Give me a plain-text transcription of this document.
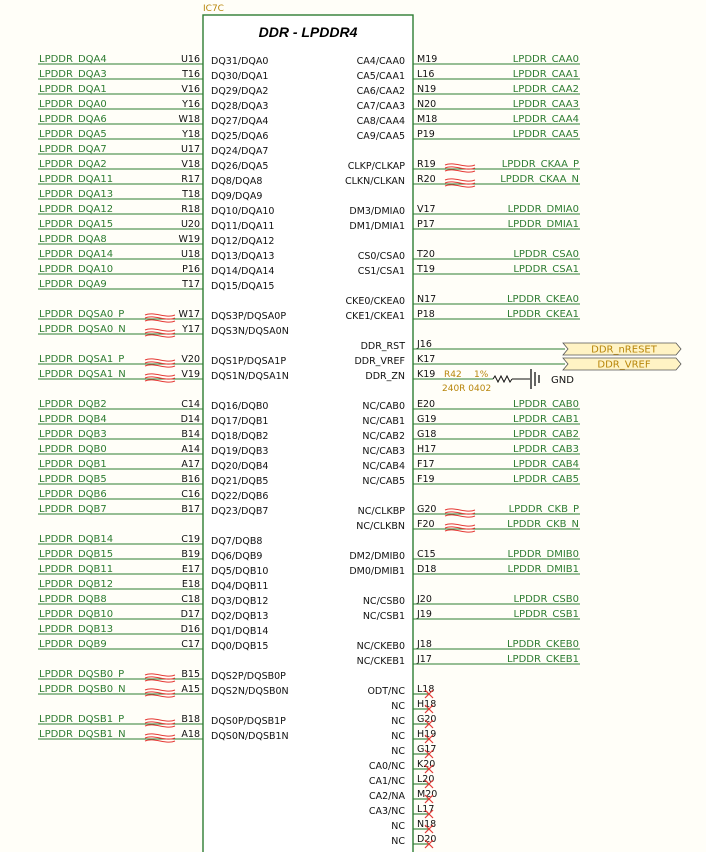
IC7C
DDR - LPDDR4
LPDDR_DQA4	U16 DQ31/DQA0
LPDDR_DQA3	T16 DQ30/DQA1
LPDDR_DQA1	V16 DQ29/DQA2
LPDDR_DQA0	Y16 DQ28/DQA3
LPDDR_DQA6	W18 DQ27/DQA4
LPDDR_DQA5	Y18 DQ25/DQA6
LPDDR_DQA7	U17 DQ24/DQA7
LPDDR_DQA2	V18 DQ26/DQA5
LPDDR_DQA11	R17 DQ8/DQA8
LPDDR_DQA13	T18 DQ9/DQA9
LPDDR_DQA12	R18 DQ10/DQA10
LPDDR_DQA15	U20 DQ11/DQA11
LPDDR_DQA8	W19 DQ12/DQA12
LPDDR_DQA14	U18 DQ13/DQA13
LPDDR_DQA10	P16 DQ14/DQA14
LPDDR_DQA9	T17 DQ15/DQA15
LPDDR_DQSA0_P	W17 DQS3P/DQSA0P
LPDDR_DQSA0_N	Y17 DQS3N/DQSA0N
LPDDR_DQSA1_P	V20 DQS1P/DQSA1P
LPDDR_DQSA1_N	V19 DQS1N/DQSA1N
LPDDR_DQB2	C14 DQ16/DQB0
LPDDR_DQB4	D14 DQ17/DQB1
LPDDR_DQB3	B14 DQ18/DQB2
LPDDR_DQB0	A14 DQ19/DQB3
LPDDR_DQB1	A17 DQ20/DQB4
LPDDR_DQB5	B16 DQ21/DQB5
LPDDR_DQB6	C16 DQ22/DQB6
LPDDR_DQB7	B17 DQ23/DQB7
LPDDR_DQB14	C19 DQ7/DQB8
LPDDR_DQB15	B19 DQ6/DQB9
LPDDR_DQB11	E17 DQ5/DQB10
LPDDR_DQB12	E18 DQ4/DQB11
LPDDR_DQB8	C18 DQ3/DQB12
LPDDR_DQB10	D17 DQ2/DQB13
LPDDR_DQB13	D16 DQ1/DQB14
LPDDR_DQB9	C17 DQ0/DQB15
LPDDR_DQSB0_P	B15 DQS2P/DQSB0P
LPDDR_DQSB0_N	A15 DQS2N/DQSB0N
LPDDR_DQSB1_P	B18 DQS0P/DQSB1P
LPDDR_DQSB1_N	A18 DQS0N/DQSB1N
CA4/CAA0 M19	LPDDR_CAA0
CA5/CAA1 L16	LPDDR_CAA1
CA6/CAA2 N19	LPDDR_CAA2
CA7/CAA3 N20	LPDDR_CAA3
CA8/CAA4 M18	LPDDR_CAA4
CA9/CAA5 P19	LPDDR_CAA5
CLKP/CLKAP R19	LPDDR_CKAA_P
CLKN/CLKAN R20	LPDDR_CKAA_N
DM3/DMIA0 V17	LPDDR_DMIA0
DM1/DMIA1 P17	LPDDR_DMIA1
CS0/CSA0 T20	LPDDR_CSA0
CS1/CSA1 T19	LPDDR_CSA1
CKE0/CKEA0 N17	LPDDR_CKEA0
CKE1/CKEA1 P18	LPDDR_CKEA1
DDR_RST J16	DDR_nRESET
DDR_VREF K17	DDR_VREF
DDR_ZN K19 R42 1%
240R 0402
GND
NC/CAB0 E20	LPDDR_CAB0
NC/CAB1 G19	LPDDR_CAB1
NC/CAB2 G18	LPDDR_CAB2
NC/CAB3 H17	LPDDR_CAB3
NC/CAB4 F17	LPDDR_CAB4
NC/CAB5 F19	LPDDR_CAB5
NC/CLKBP G20	LPDDR_CKB_P
NC/CLKBN F20	LPDDR_CKB_N
DM2/DMIB0 C15	LPDDR_DMIB0
DM0/DMIB1 D18	LPDDR_DMIB1
NC/CSB0 J20	LPDDR_CSB0
NC/CSB1 J19	LPDDR_CSB1
NC/CKEB0 J18	LPDDR_CKEB0
NC/CKEB1 J17	LPDDR_CKEB1
ODT/NC L18
NC H18
NC G20
NC H19
NC G17
CA0/NC K20
CA1/NC L20
CA2/NA M20
CA3/NC L17
NC N18
NC D20
